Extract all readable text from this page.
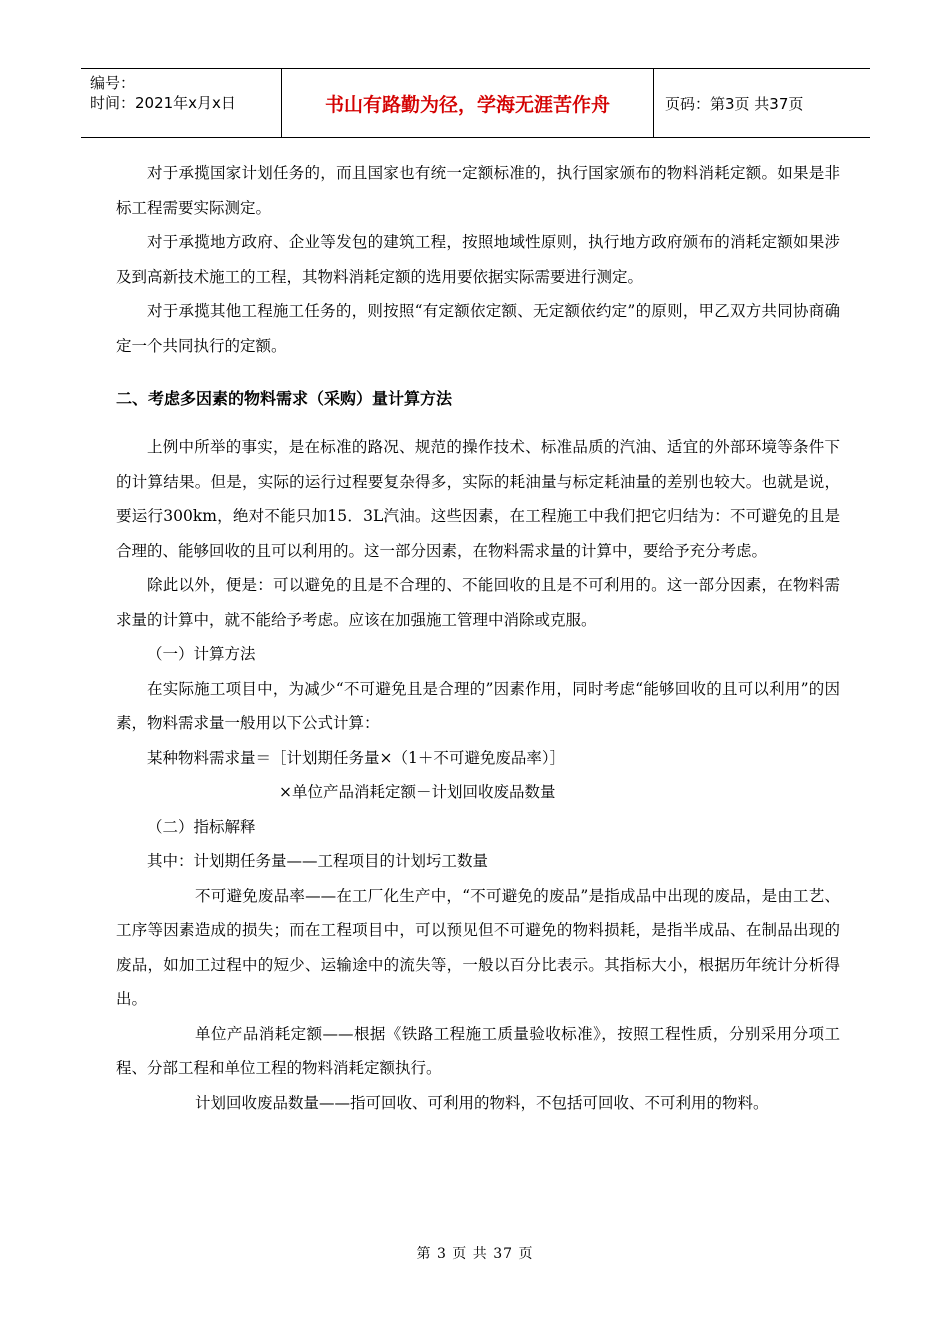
编号：
时间：2021年x月x日	书山有路勤为径，学海无涯苦作舟	页码：第3页 共37页

对于承揽国家计划任务的，而且国家也有统一定额标准的，执行国家颁布的物料消耗定额。如果是非标工程需要实际测定。

对于承揽地方政府、企业等发包的建筑工程，按照地域性原则，执行地方政府颁布的消耗定额如果涉及到高新技术施工的工程，其物料消耗定额的选用要依据实际需要进行测定。

对于承揽其他工程施工任务的，则按照“有定额依定额、无定额依约定”的原则，甲乙双方共同协商确定一个共同执行的定额。

二、考虑多因素的物料需求（采购）量计算方法

上例中所举的事实，是在标准的路况、规范的操作技术、标准品质的汽油、适宜的外部环境等条件下的计算结果。但是，实际的运行过程要复杂得多，实际的耗油量与标定耗油量的差别也较大。也就是说，要运行300km，绝对不能只加15．3L汽油。这些因素，在工程施工中我们把它归结为：不可避免的且是合理的、能够回收的且可以利用的。这一部分因素，在物料需求量的计算中，要给予充分考虑。

除此以外，便是：可以避免的且是不合理的、不能回收的且是不可利用的。这一部分因素，在物料需求量的计算中，就不能给予考虑。应该在加强施工管理中消除或克服。

（一）计算方法

在实际施工项目中，为减少“不可避免且是合理的”因素作用，同时考虑“能够回收的且可以利用”的因素，物料需求量一般用以下公式计算：

某种物料需求量＝［计划期任务量×（1＋不可避免废品率）］

×单位产品消耗定额－计划回收废品数量

（二）指标解释

其中：计划期任务量——工程项目的计划圬工数量

不可避免废品率——在工厂化生产中，“不可避免的废品”是指成品中出现的废品，是由工艺、工序等因素造成的损失；而在工程项目中，可以预见但不可避免的物料损耗，是指半成品、在制品出现的废品，如加工过程中的短少、运输途中的流失等，一般以百分比表示。其指标大小，根据历年统计分析得出。

单位产品消耗定额——根据《铁路工程施工质量验收标准》，按照工程性质，分别采用分项工程、分部工程和单位工程的物料消耗定额执行。

计划回收废品数量——指可回收、可利用的物料，不包括可回收、不可利用的物料。

第 3 页 共 37 页
